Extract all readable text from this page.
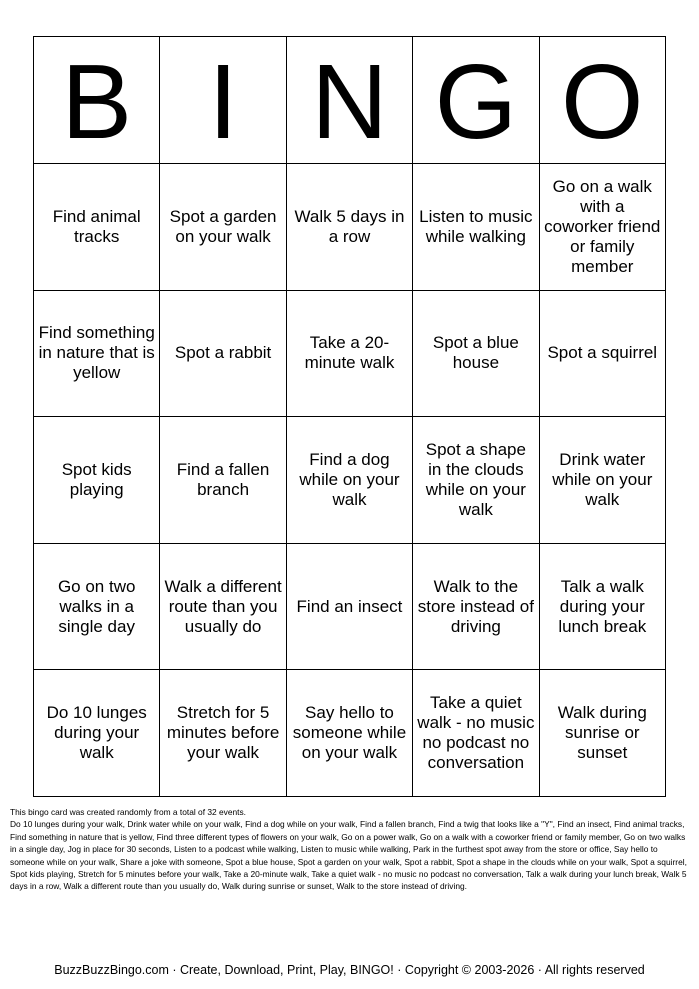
B	I	N	G	O
Find animal tracks	Spot a garden on your walk	Walk 5 days in a row	Listen to music while walking	Go on a walk with a coworker friend or family member
Find something in nature that is yellow	Spot a rabbit	Take a 20-minute walk	Spot a blue house	Spot a squirrel
Spot kids playing	Find a fallen branch	Find a dog while on your walk	Spot a shape in the clouds while on your walk	Drink water while on your walk
Go on two walks in a single day	Walk a different route than you usually do	Find an insect	Walk to the store instead of driving	Talk a walk during your lunch break
Do 10 lunges during your walk	Stretch for 5 minutes before your walk	Say hello to someone while on your walk	Take a quiet walk - no music no podcast no conversation	Walk during sunrise or sunset

This bingo card was created randomly from a total of 32 events.

Do 10 lunges during your walk, Drink water while on your walk, Find a dog while on your walk, Find a fallen branch, Find a twig that looks like a "Y", Find an insect, Find animal tracks, Find something in nature that is yellow, Find three different types of flowers on your walk, Go on a power walk, Go on a walk with a coworker friend or family member, Go on two walks in a single day, Jog in place for 30 seconds, Listen to a podcast while walking, Listen to music while walking, Park in the furthest spot away from the store or office, Say hello to someone while on your walk, Share a joke with someone, Spot a blue house, Spot a garden on your walk, Spot a rabbit, Spot a shape in the clouds while on your walk, Spot a squirrel, Spot kids playing, Stretch for 5 minutes before your walk, Take a 20-minute walk, Take a quiet walk - no music no podcast no conversation, Talk a walk during your lunch break, Walk 5 days in a row, Walk a different route than you usually do, Walk during sunrise or sunset, Walk to the store instead of driving.

BuzzBuzzBingo.com · Create, Download, Print, Play, BINGO! · Copyright © 2003-2026 · All rights reserved
